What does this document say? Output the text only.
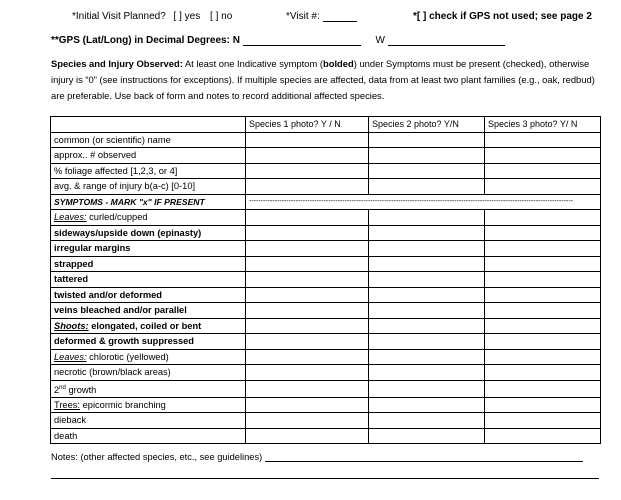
*Initial Visit Planned? [ ] yes [ ] no	*Visit #:	*[ ] check if GPS not used; see page 2
**GPS (Lat/Long) in Decimal Degrees: N	W
Species and Injury Observed: At least one Indicative symptom (bolded) under Symptoms must be present (checked), otherwise injury is “0” (see instructions for exceptions). If multiple species are affected, data from at least two plant families (e.g., oak, redbud) are preferable. Use back of form and notes to record additional affected species.
	Species 1 photo? Y / N	Species 2 photo? Y/N	Species 3 photo? Y/ N
common (or scientific) name			
approx.. # observed			
% foliage affected [1,2,3, or 4]			
avg. & range of injury b(a-c) [0-10]			
SYMPTOMS - MARK "x" IF PRESENT	-------------------------------------------------------------------------------------------------------------------------------------------		
Leaves: curled/cupped			
sideways/upside down (epinasty)			
irregular margins			
strapped			
tattered			
twisted and/or deformed			
veins bleached and/or parallel			
Shoots: elongated, coiled or bent			
deformed & growth suppressed			
Leaves: chlorotic (yellowed)			
necrotic (brown/black areas)			
2nd growth			
Trees: epicormic branching			
dieback			
death			
Notes: (other affected species, etc., see guidelines)
